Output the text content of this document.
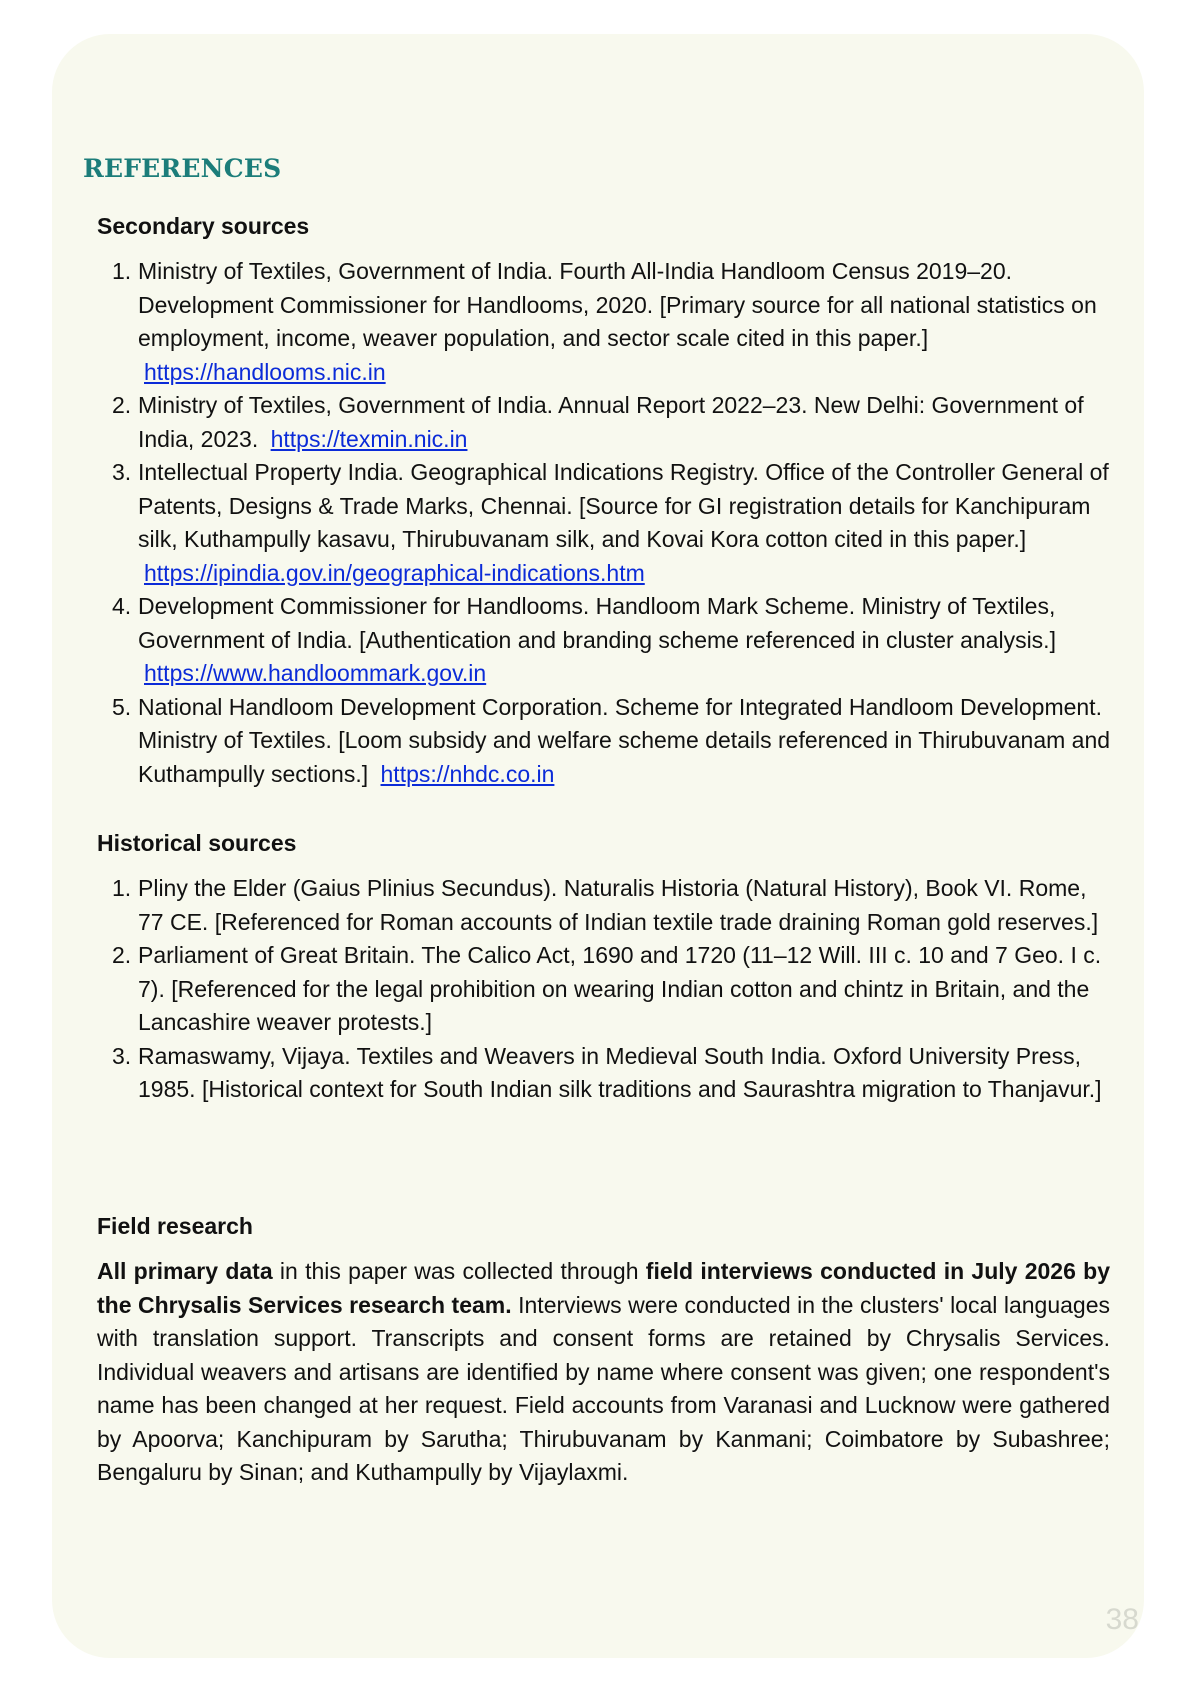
REFERENCES
Secondary sources
1. Ministry of Textiles, Government of India. Fourth All-India Handloom Census 2019–20. Development Commissioner for Handlooms, 2020. [Primary source for all national statistics on employment, income, weaver population, and sector scale cited in this paper.] https://handlooms.nic.in
2. Ministry of Textiles, Government of India. Annual Report 2022–23. New Delhi: Government of India, 2023. https://texmin.nic.in
3. Intellectual Property India. Geographical Indications Registry. Office of the Controller General of Patents, Designs & Trade Marks, Chennai. [Source for GI registration details for Kanchipuram silk, Kuthampully kasavu, Thirubuvanam silk, and Kovai Kora cotton cited in this paper.] https://ipindia.gov.in/geographical-indications.htm
4. Development Commissioner for Handlooms. Handloom Mark Scheme. Ministry of Textiles, Government of India. [Authentication and branding scheme referenced in cluster analysis.] https://www.handloommark.gov.in
5. National Handloom Development Corporation. Scheme for Integrated Handloom Development. Ministry of Textiles. [Loom subsidy and welfare scheme details referenced in Thirubuvanam and Kuthampully sections.] https://nhdc.co.in
Historical sources
1. Pliny the Elder (Gaius Plinius Secundus). Naturalis Historia (Natural History), Book VI. Rome, 77 CE. [Referenced for Roman accounts of Indian textile trade draining Roman gold reserves.]
2. Parliament of Great Britain. The Calico Act, 1690 and 1720 (11–12 Will. III c. 10 and 7 Geo. I c. 7). [Referenced for the legal prohibition on wearing Indian cotton and chintz in Britain, and the Lancashire weaver protests.]
3. Ramaswamy, Vijaya. Textiles and Weavers in Medieval South India. Oxford University Press, 1985. [Historical context for South Indian silk traditions and Saurashtra migration to Thanjavur.]
Field research

All primary data in this paper was collected through field interviews conducted in July 2026 by the Chrysalis Services research team. Interviews were conducted in the clusters' local languages with translation support. Transcripts and consent forms are retained by Chrysalis Services. Individual weavers and artisans are identified by name where consent was given; one respondent's name has been changed at her request. Field accounts from Varanasi and Lucknow were gathered by Apoorva; Kanchipuram by Sarutha; Thirubuvanam by Kanmani; Coimbatore by Subashree; Bengaluru by Sinan; and Kuthampully by Vijaylaxmi.

38
